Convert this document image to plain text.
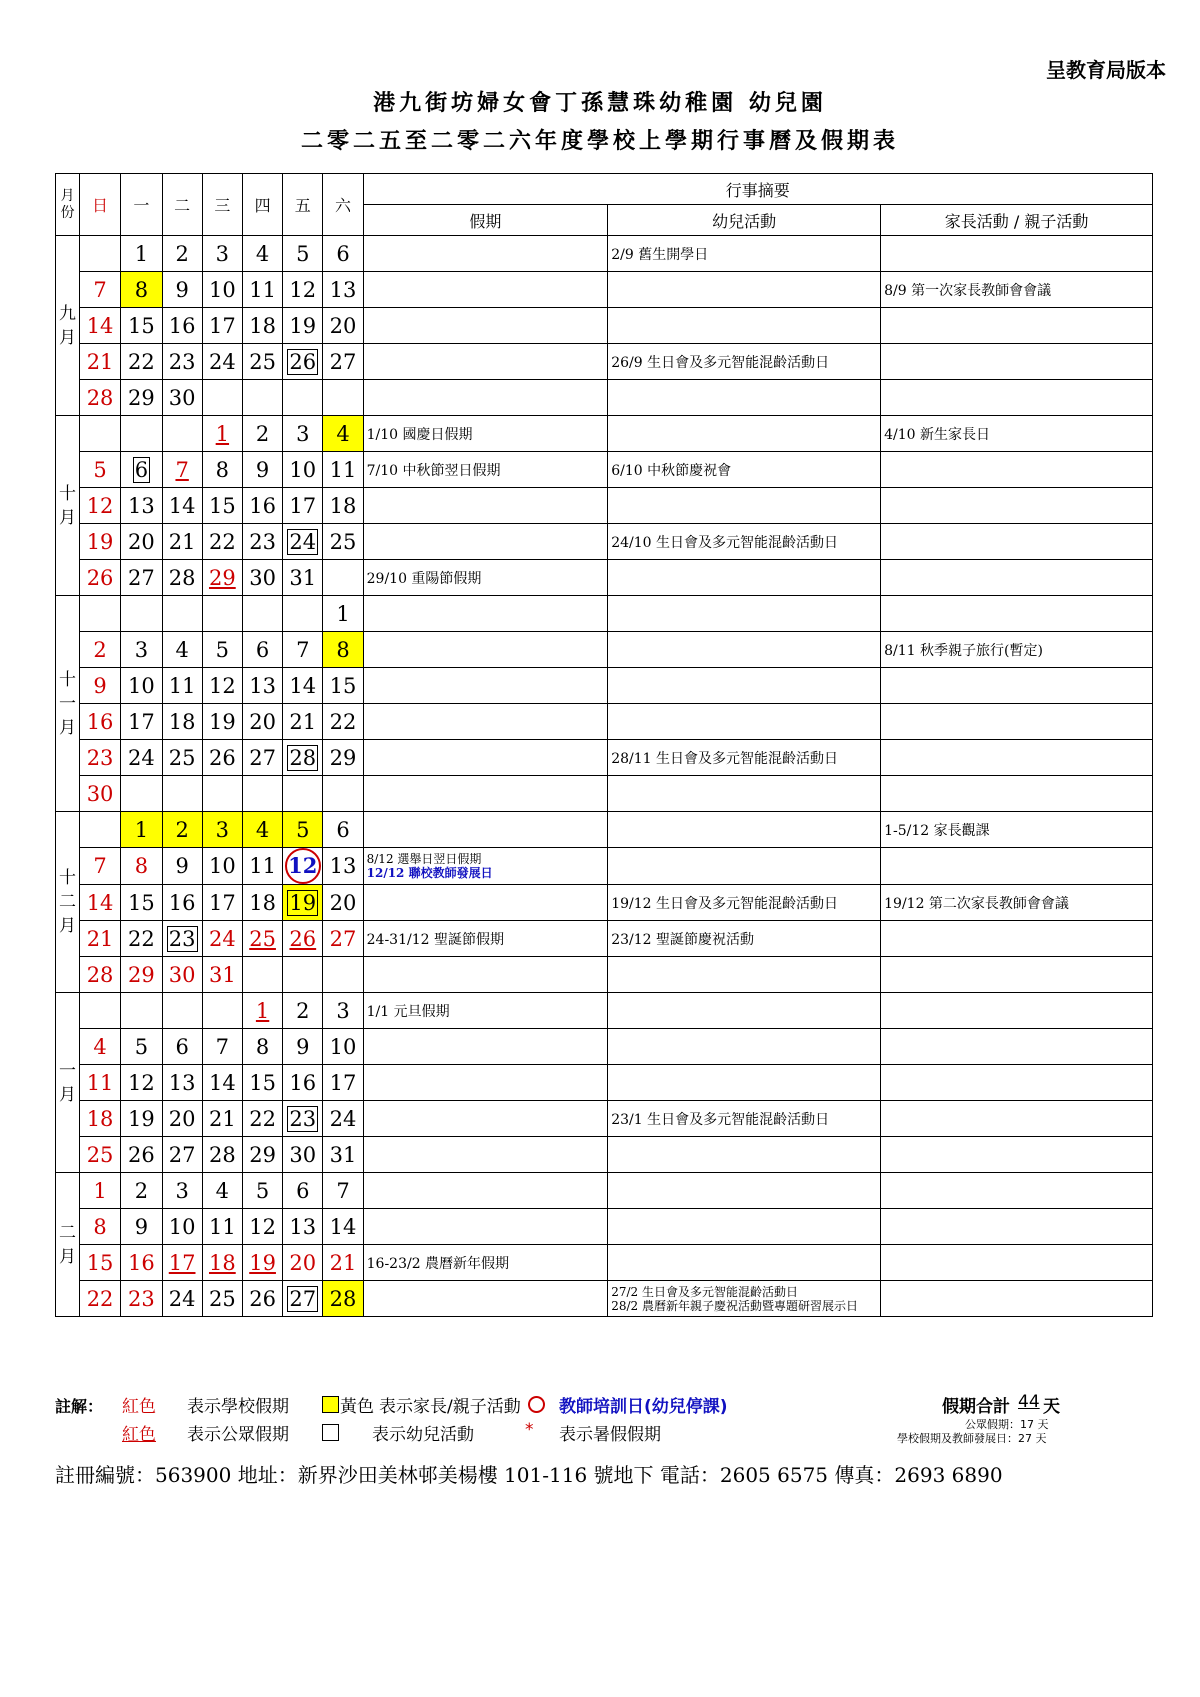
呈教育局版本
港九街坊婦女會丁孫慧珠幼稚園 幼兒園
二零二五至二零二六年度學校上學期行事曆及假期表
月份	日	一	二	三	四	五	六	行事摘要		
								假期	幼兒活動	家長活動 / 親子活動

九月		1	2	3	4	5	6		2/9 舊生開學日	

	7	8	9	10	11	12	13			8/9 第一次家長教師會會議

	14	15	16	17	18	19	20	

	21	22	23	24	25	26	27		26/9 生日會及多元智能混齡活動日	

	28	29	30					

十月				1	2	3	4	1/10 國慶日假期		4/10 新生家長日

	5	6	7	8	9	10	11	7/10 中秋節翌日假期	6/10 中秋節慶祝會	

	12	13	14	15	16	17	18	

	19	20	21	22	23	24	25		24/10 生日會及多元智能混齡活動日	

	26	27	28	29	30	31		29/10 重陽節假期		

十一月							1	

	2	3	4	5	6	7	8			8/11 秋季親子旅行(暫定)

	9	10	11	12	13	14	15	

	16	17	18	19	20	21	22	

	23	24	25	26	27	28	29		28/11 生日會及多元智能混齡活動日	

	30							

十二月		1	2	3	4	5	6			1-5/12 家長觀課

	7	8	9	10	11	12	13	8/12 選舉日翌日假期
12/12 聯校教師發展日		

	14	15	16	17	18	19	20		19/12 生日會及多元智能混齡活動日	19/12 第二次家長教師會會議

	21	22	23	24	25	26	27	24-31/12 聖誕節假期	23/12 聖誕節慶祝活動	

	28	29	30	31				

一月					1	2	3	1/1 元旦假期		

	4	5	6	7	8	9	10	

	11	12	13	14	15	16	17	

	18	19	20	21	22	23	24		23/1 生日會及多元智能混齡活動日	

	25	26	27	28	29	30	31	

二月	1	2	3	4	5	6	7	

	8	9	10	11	12	13	14	

	15	16	17	18	19	20	21	16-23/2 農曆新年假期		

	22	23	24	25	26	27	28		27/2 生日會及多元智能混齡活動日
28/2 農曆新年親子慶祝活動暨專題研習展示日	

註解： 紅色 表示學校假期	黃色 表示家長/親子活動 教師培訓日(幼兒停課)	假期合計 44 天
紅色 表示公眾假期	表示幼兒活動	* 表示暑假假期
公眾假期：17 天
學校假期及教師發展日：27 天
註冊編號：563900 地址：新界沙田美林邨美楊樓 101-116 號地下 電話：2605 6575 傳真：2693 6890
